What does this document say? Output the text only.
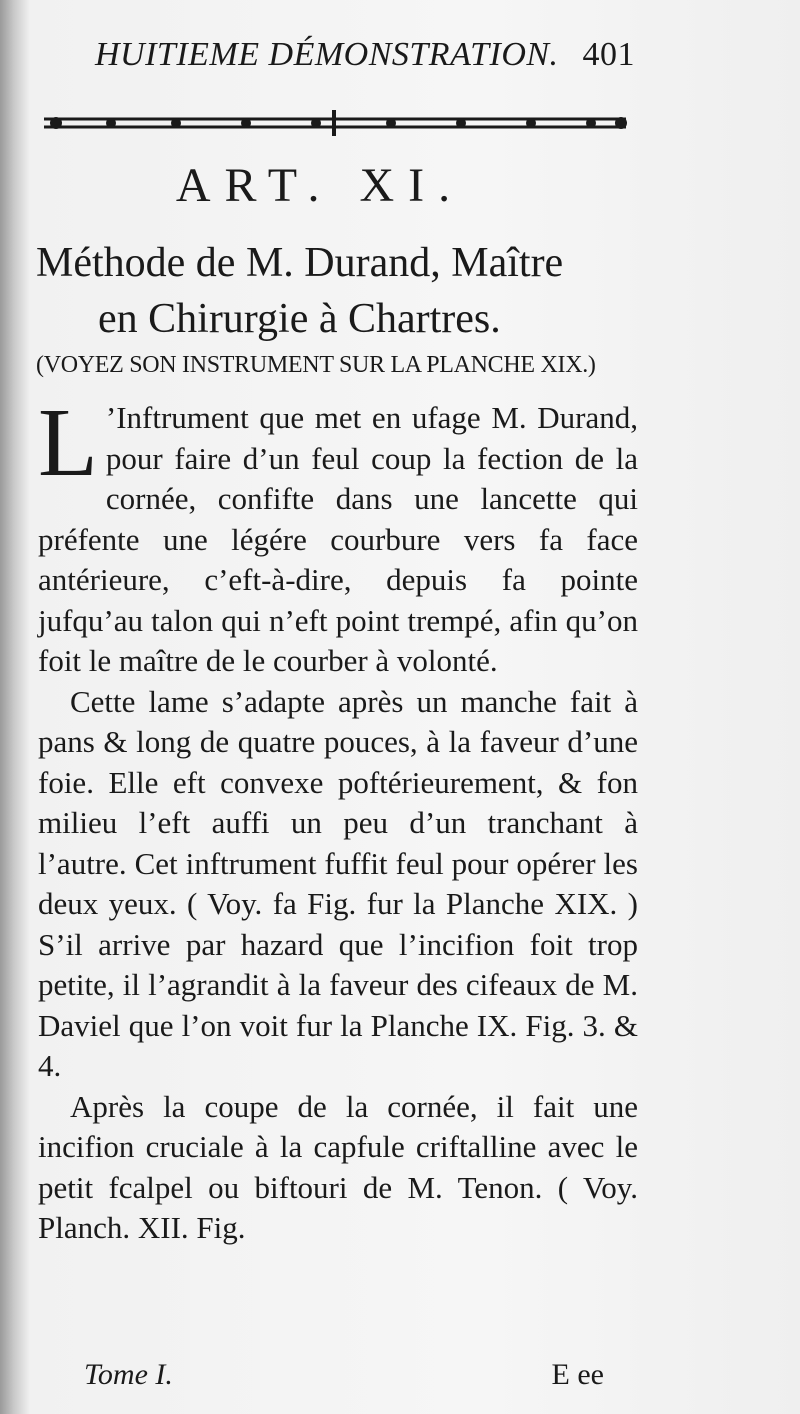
HUITIEME DÉMONSTRATION. 401
ART. XI.
Méthode de M. Durand, Maître
en Chirurgie à Chartres.
(VOYEZ SON INSTRUMENT SUR LA PLANCHE XIX.)

L ’Inftrument que met en ufage M. Durand, pour faire d’un feul coup la fection de la cornée, confifte dans une lancette qui préfente une légére courbure vers fa face antérieure, c’eft-à-dire, depuis fa pointe jufqu’au talon qui n’eft point trempé, afin qu’on foit le maître de le courber à volonté.

Cette lame s’adapte après un manche fait à pans & long de quatre pouces, à la faveur d’une foie. Elle eft convexe poftérieurement, & fon milieu l’eft auffi un peu d’un tranchant à l’autre. Cet inftrument fuffit feul pour opérer les deux yeux. ( Voy. fa Fig. fur la Planche XIX. ) S’il arrive par hazard que l’incifion foit trop petite, il l’agrandit à la faveur des cifeaux de M. Daviel que l’on voit fur la Planche IX. Fig. 3. & 4.

Après la coupe de la cornée, il fait une incifion cruciale à la capfule criftalline avec le petit fcalpel ou biftouri de M. Tenon. ( Voy. Planch. XII. Fig.

Tome I.	E ee
